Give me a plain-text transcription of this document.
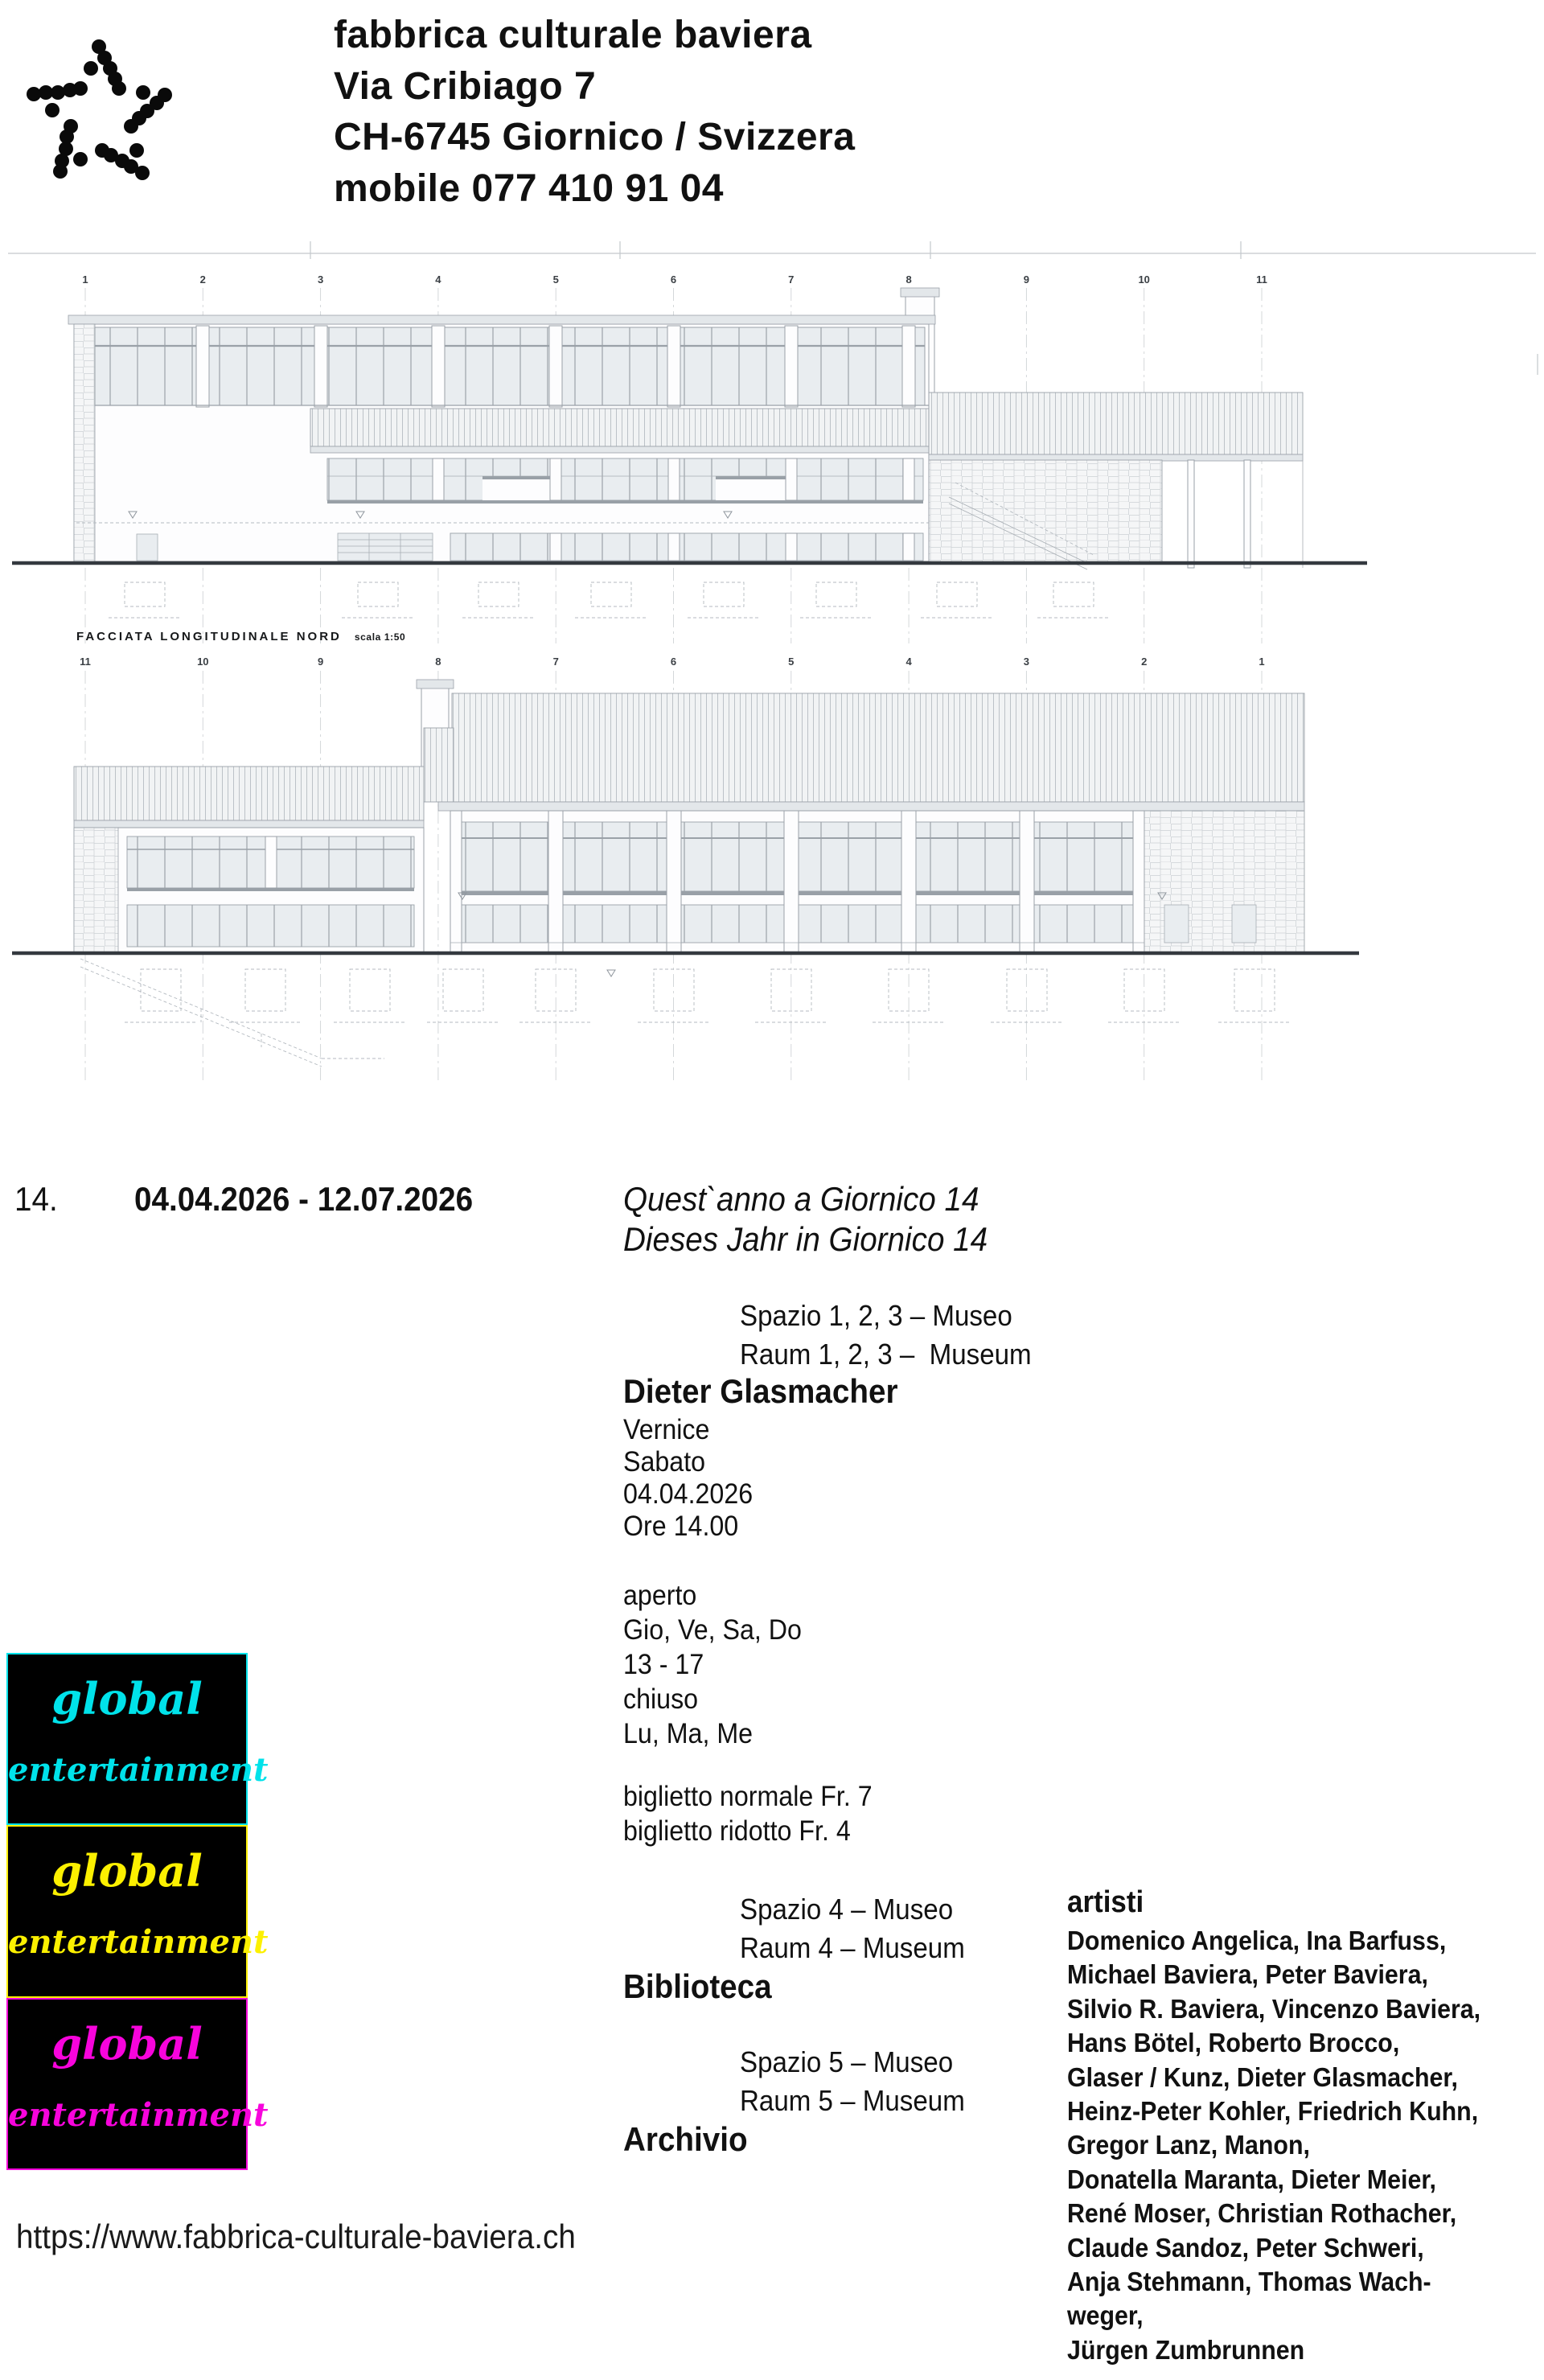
fabbrica culturale baviera
Via Cribiago 7
CH-6745 Giornico / Svizzera
mobile 077 410 91 04
1	2	3	4	5	6	7	8	9	10	11
11	10	9	8	7	6	5	4	3	2	1
FACCIATA LONGITUDINALE NORD scala 1:50
14. 04.04.2026 - 12.07.2026	Quest`anno a Giornico 14
Dieses Jahr in Giornico 14
Spazio 1, 2, 3 – Museo
Raum 1, 2, 3 –  Museum
Dieter Glasmacher
Vernice
Sabato
04.04.2026
Ore 14.00
aperto
Gio, Ve, Sa, Do
13 - 17
chiuso
Lu, Ma, Me
biglietto normale Fr. 7
biglietto ridotto Fr. 4
Spazio 4 – Museo
Raum 4 – Museum
Biblioteca
Spazio 5 – Museo
Raum 5 – Museum
Archivio
artisti
Domenico Angelica, Ina Barfuss,
Michael Baviera, Peter Baviera,
Silvio R. Baviera, Vincenzo Baviera,
Hans Bötel, Roberto Brocco,
Glaser / Kunz, Dieter Glasmacher,
Heinz-Peter Kohler, Friedrich Kuhn,
Gregor Lanz, Manon,
Donatella Maranta, Dieter Meier,
René Moser, Christian Rothacher,
Claude Sandoz, Peter Schweri,
Anja Stehmann, Thomas Wach-
weger,
Jürgen Zumbrunnen
global
entertainment
global
entertainment
global
entertainment
https://www.fabbrica-culturale-baviera.ch
